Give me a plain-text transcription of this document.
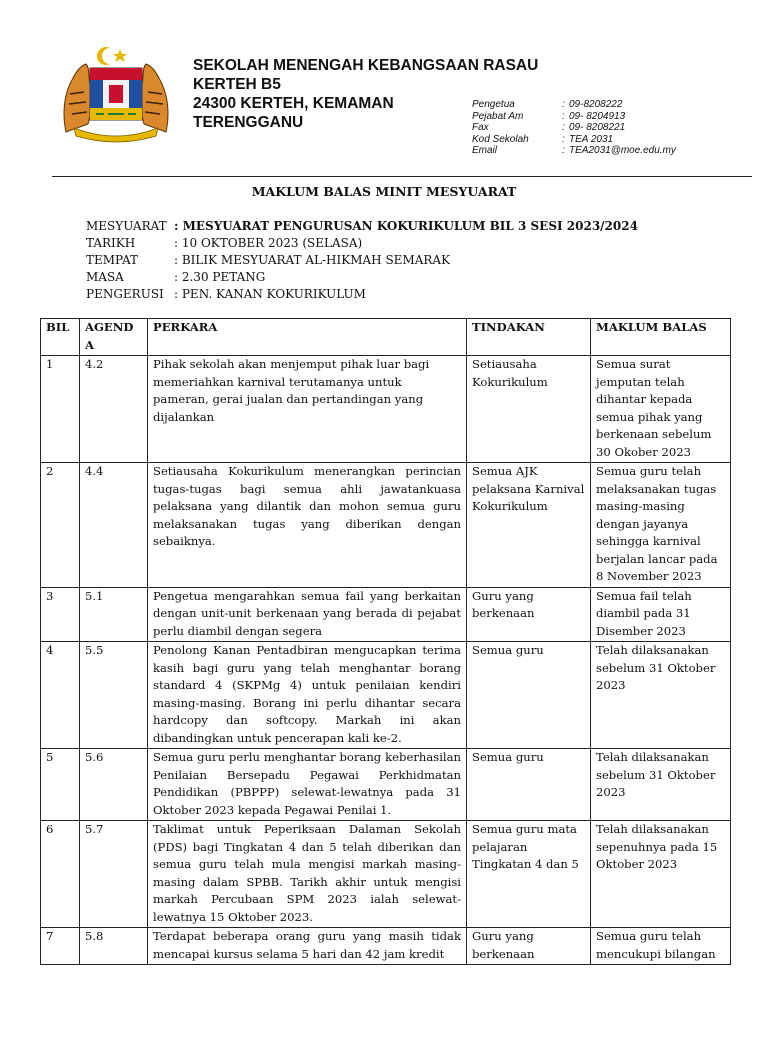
SEKOLAH MENENGAH KEBANGSAAN RASAU
KERTEH B5
24300 KERTEH, KEMAMAN
TERENGGANU
Pengetua	: 09-8208222
Pejabat Am	: 09- 8204913
Fax	: 09- 8208221
Kod Sekolah	: TEA 2031
Email	: TEA2031@moe.edu.my
MAKLUM BALAS MINIT MESYUARAT
MESYUARAT : MESYUARAT PENGURUSAN KOKURIKULUM BIL 3 SESI 2023/2024
TARIKH	: 10 OKTOBER 2023 (SELASA)
TEMPAT	: BILIK MESYUARAT AL-HIKMAH SEMARAK
MASA	: 2.30 PETANG
PENGERUSI : PEN. KANAN KOKURIKULUM
BIL	AGEND A	PERKARA	TINDAKAN	MAKLUM BALAS
1	4.2	Pihak sekolah akan menjemput pihak luar bagi memeriahkan karnival terutamanya untuk pameran, gerai jualan dan pertandingan yang dijalankan	Setiausaha Kokurikulum	Semua surat jemputan telah dihantar kepada semua pihak yang berkenaan sebelum 30 Okober 2023
2	4.4	Setiausaha Kokurikulum menerangkan perincian tugas-tugas bagi semua ahli jawatankuasa pelaksana yang dilantik dan mohon semua guru melaksanakan tugas yang diberikan dengan sebaiknya.	Semua AJK pelaksana Karnival Kokurikulum	Semua guru telah melaksanakan tugas masing-masing dengan jayanya sehingga karnival berjalan lancar pada 8 November 2023
3	5.1	Pengetua mengarahkan semua fail yang berkaitan dengan unit-unit berkenaan yang berada di pejabat perlu diambil dengan segera	Guru yang berkenaan	Semua fail telah diambil pada 31 Disember 2023
4	5.5	Penolong Kanan Pentadbiran mengucapkan terima kasih bagi guru yang telah menghantar borang standard 4 (SKPMg 4) untuk penilaian kendiri masing-masing. Borang ini perlu dihantar secara hardcopy dan softcopy. Markah ini akan dibandingkan untuk pencerapan kali ke-2.	Semua guru	Telah dilaksanakan sebelum 31 Oktober 2023
5	5.6	Semua guru perlu menghantar borang keberhasilan Penilaian Bersepadu Pegawai Perkhidmatan Pendidikan (PBPPP) selewat-lewatnya pada 31 Oktober 2023 kepada Pegawai Penilai 1.	Semua guru	Telah dilaksanakan sebelum 31 Oktober 2023
6	5.7	Taklimat untuk Peperiksaan Dalaman Sekolah (PDS) bagi Tingkatan 4 dan 5 telah diberikan dan semua guru telah mula mengisi markah masing-masing dalam SPBB. Tarikh akhir untuk mengisi markah Percubaan SPM 2023 ialah selewat-lewatnya 15 Oktober 2023.	Semua guru mata pelajaran Tingkatan 4 dan 5	Telah dilaksanakan sepenuhnya pada 15 Oktober 2023
7	5.8	Terdapat beberapa orang guru yang masih tidak mencapai kursus selama 5 hari dan 42 jam kredit	Guru yang berkenaan	Semua guru telah mencukupi bilangan
